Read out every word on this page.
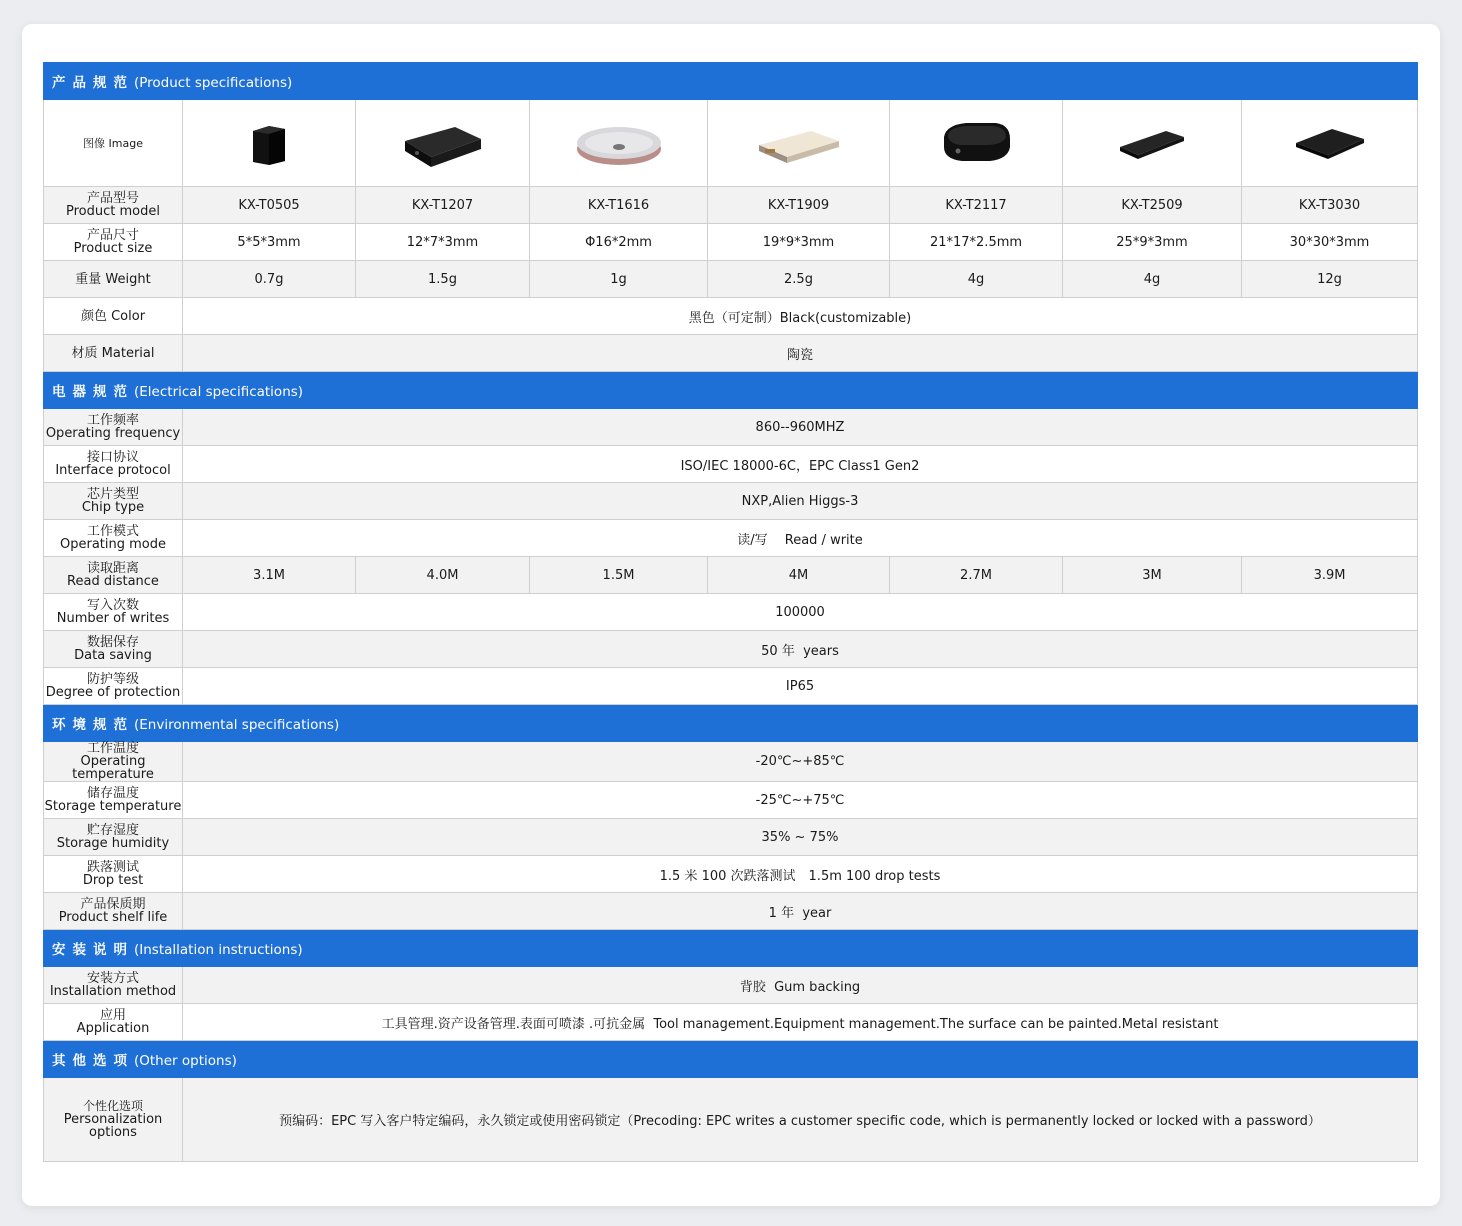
产品规范(Product specifications)							
图像 Image	

产品型号
Product model	KX-T0505	KX-T1207	KX-T1616	KX-T1909	KX-T2117	KX-T2509	KX-T3030

产品尺寸
Product size	5*5*3mm	12*7*3mm	Φ16*2mm	19*9*3mm	21*17*2.5mm	25*9*3mm	30*30*3mm
重量 Weight	0.7g	1.5g	1g	2.5g	4g	4g	12g
颜色 Color	黑色（可定制）Black(customizable)						
材质 Material	陶瓷						
电器规范(Electrical specifications)							

工作频率
Operating frequency	860--960MHZ						

接口协议
Interface protocol	ISO/IEC 18000-6C，EPC Class1 Gen2						

芯片类型
Chip type	NXP,Alien Higgs-3						

工作模式
Operating mode	读/写　 Read / write						

读取距离
Read distance	3.1M	4.0M	1.5M	4M	2.7M	3M	3.9M

写入次数
Number of writes	100000						

数据保存
Data saving	50 年  years						

防护等级
Degree of protection	IP65						
环境规范(Environmental specifications)							

工作温度
Operating temperature	-20℃~+85℃						

储存温度
Storage temperature	-25℃~+75℃						

贮存湿度
Storage humidity	35% ~ 75%						

跌落测试
Drop test	1.5 米 100 次跌落测试　1.5m 100 drop tests						

产品保质期
Product shelf life	1 年  year						
安装说明(Installation instructions)							

安装方式
Installation method	背胶  Gum backing						

应用
Application	工具管理.资产设备管理.表面可喷漆 .可抗金属  Tool management.Equipment management.The surface can be painted.Metal resistant						
其他选项(Other options)							

个性化选项
Personalization options	预编码：EPC 写入客户特定编码，永久锁定或使用密码锁定（Precoding: EPC writes a customer specific code, which is permanently locked or locked with a password）						
